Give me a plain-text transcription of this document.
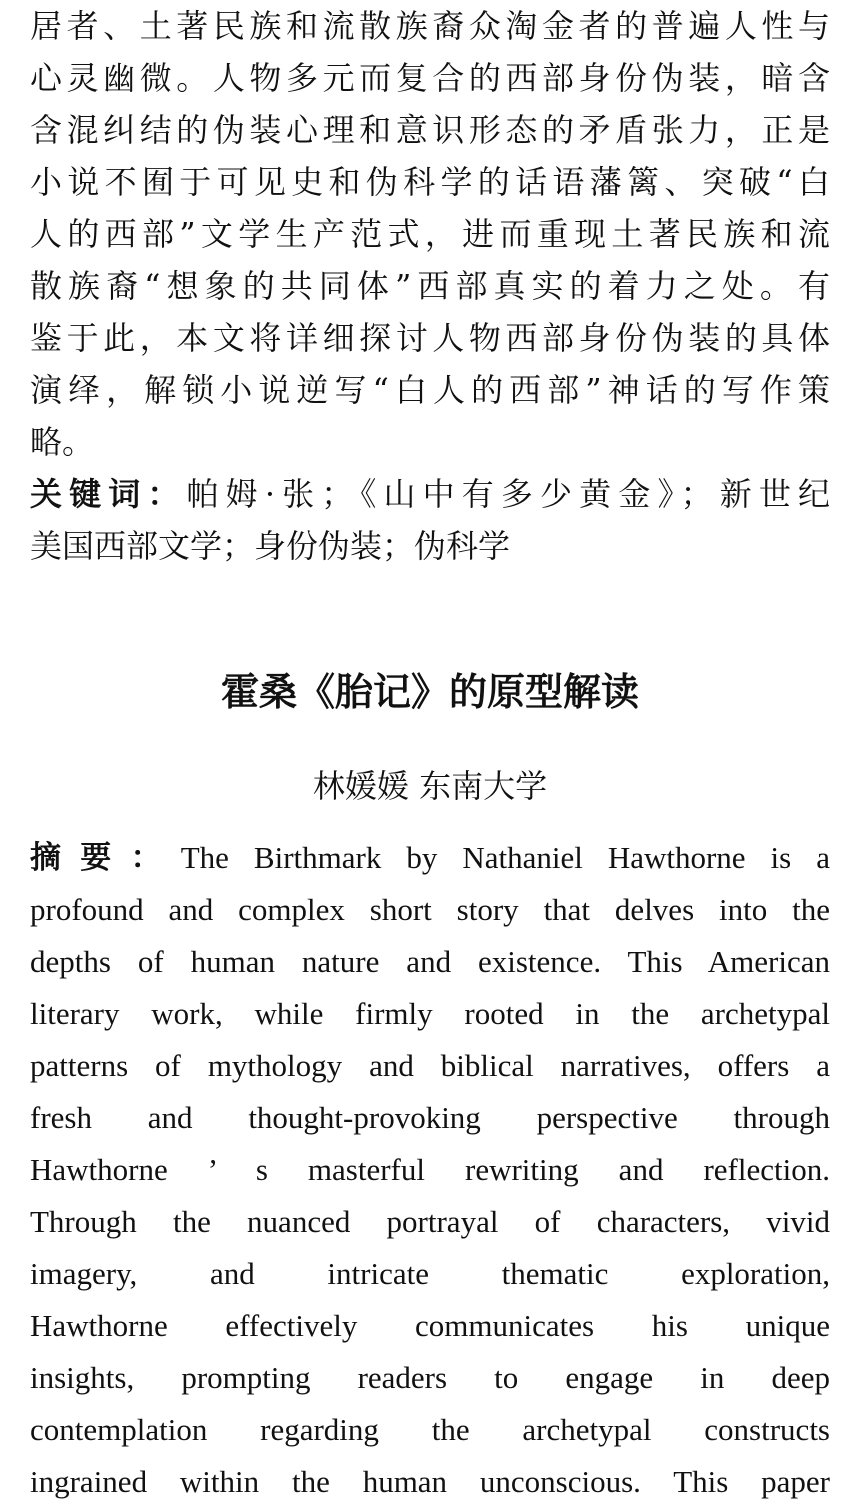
居者、土著民族和流散族裔众淘金者的普遍人性与
心灵幽微。人物多元而复合的西部身份伪装，暗含
含混纠结的伪装心理和意识形态的矛盾张力，正是
小说不囿于可见史和伪科学的话语藩篱、突破“白
人的西部”文学生产范式，进而重现土著民族和流
散族裔“想象的共同体”西部真实的着力之处。有
鉴于此，本文将详细探讨人物西部身份伪装的具体
演绎，解锁小说逆写“白人的西部”神话的写作策
略。
关键词：帕姆·张；《山中有多少黄金》；新世纪
美国西部文学；身份伪装；伪科学
霍桑《胎记》的原型解读
林媛媛 东南大学
摘要：The Birthmark by Nathaniel Hawthorne is a
profound and complex short story that delves into the
depths of human nature and existence. This American
literary work, while firmly rooted in the archetypal
patterns of mythology and biblical narratives, offers a
fresh and thought-provoking perspective through
Hawthorne ’ s masterful rewriting and reflection.
Through the nuanced portrayal of characters, vivid
imagery, and intricate thematic exploration,
Hawthorne effectively communicates his unique
insights, prompting readers to engage in deep
contemplation regarding the archetypal constructs
ingrained within the human unconscious. This paper
